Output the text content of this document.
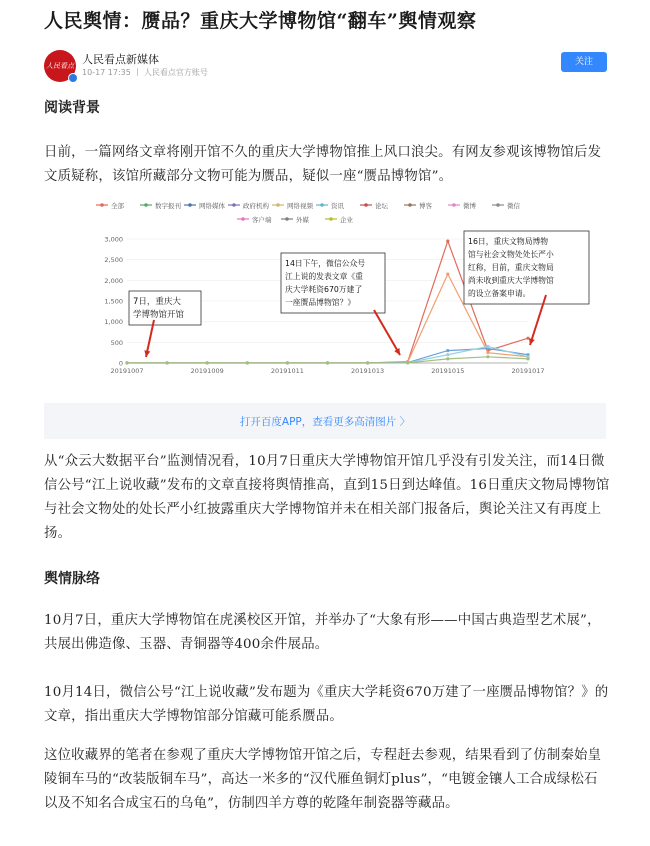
人民舆情：赝品？重庆大学博物馆“翻车”舆情观察
人民看点 人民看点新媒体
10-17 17:35 丨 人民看点官方账号
关注
阅读背景
日前，一篇网络文章将刚开馆不久的重庆大学博物馆推上风口浪尖。有网友参观该博物馆后发文质疑称，该馆所藏部分文物可能为赝品，疑似一座“赝品博物馆”。
全部	数字报刊	网络媒体	政府机构	网络视频	资讯	论坛	博客	微博	微信
客户端	外媒	企业
3,000
2,500
2,000
1,500
1,000
500
0
20191007	20191009	20191011	20191013	20191015	20191017
7日，重庆大
学博物馆开馆
14日下午，微信公众号
江上说的发表文章《重
庆大学耗资670万建了
一座赝品博物馆？》
16日，重庆文物局博物
馆与社会文物处处长严小
红称，目前，重庆文物局
尚未收到重庆大学博物馆
的设立备案申请。
打开百度APP，查看更多高清图片 〉
从“众云大数据平台”监测情况看，10月7日重庆大学博物馆开馆几乎没有引发关注，而14日微信公号“江上说收藏”发布的文章直接将舆情推高，直到15日到达峰值。16日重庆文物局博物馆与社会文物处的处长严小红披露重庆大学博物馆并未在相关部门报备后，舆论关注又有再度上扬。
舆情脉络
10月7日，重庆大学博物馆在虎溪校区开馆，并举办了“大象有形——中国古典造型艺术展”，共展出佛造像、玉器、青铜器等400余件展品。
10月14日，微信公号“江上说收藏”发布题为《重庆大学耗资670万建了一座赝品博物馆？》的文章，指出重庆大学博物馆部分馆藏可能系赝品。
这位收藏界的笔者在参观了重庆大学博物馆开馆之后，专程赶去参观，结果看到了仿制秦始皇陵铜车马的“改装版铜车马”，高达一米多的“汉代雁鱼铜灯plus”，“电镀金镶人工合成绿松石以及不知名合成宝石的乌龟”，仿制四羊方尊的乾隆年制瓷器等藏品。
